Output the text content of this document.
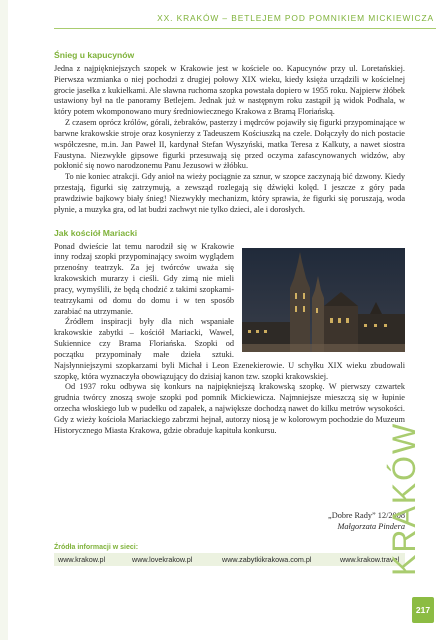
XX. KRAKÓW – BETLEJEM POD POMNIKIEM MICKIEWICZA
Śnieg u kapucynów

Jedna z najpiękniejszych szopek w Krakowie jest w kościele oo. Kapucynów przy ul. Loretańskiej. Pierwsza wzmianka o niej pochodzi z drugiej połowy XIX wieku, kiedy księża urządzili w kościelnej grocie jasełka z kukiełkami. Ale sławna ruchoma szopka powstała dopiero w 1955 roku. Najpierw żłóbek ustawiony był na tle panoramy Betlejem. Jednak już w następnym roku zastąpił ją widok Podhala, w który potem wkomponowano mury średniowiecznego Krakowa z Bramą Floriańską.

Z czasem oprócz królów, górali, żebraków, pasterzy i mędrców pojawiły się figurki przypominające w barwne krakowskie stroje oraz kosynierzy z Tadeuszem Kościuszką na czele. Dołączyły do nich postacie współczesne, m.in. Jan Paweł II, kardynał Stefan Wyszyński, matka Teresa z Kalkuty, a nawet siostra Faustyna. Niezwykłe gipsowe figurki przesuwają się przed oczyma zafascynowanych widzów, aby pokłonić się nowo narodzonemu Panu Jezusowi w żłóbku.

To nie koniec atrakcji. Gdy anioł na wieży pociągnie za sznur, w szopce zaczynają bić dzwony. Kiedy przestają, figurki się zatrzymują, a zewsząd rozlegają się dźwięki kolęd. I jeszcze z góry pada prawdziwie bajkowy biały śnieg! Niezwykły mechanizm, który sprawia, że figurki się poruszają, woda płynie, a muzyka gra, od lat budzi zachwyt nie tylko dzieci, ale i dorosłych.

Jak kościół Mariacki

Ponad dwieście lat temu narodził się w Krakowie inny rodzaj szopki przypominający swoim wyglądem przenośny teatrzyk. Za jej twórców uważa się krakowskich murarzy i cieśli. Gdy zimą nie mieli pracy, wymyślili, że będą chodzić z takimi szopkami-teatrzykami od domu do domu i w ten sposób zarabiać na utrzymanie.

Źródłem inspiracji były dla nich wspaniałe krakowskie zabytki – kościół Mariacki, Wawel, Sukiennice czy Brama Floriańska. Szopki od początku przypominały małe dzieła sztuki. Najsłynniejszymi szopkarzami byli Michał i Leon Ezenekierowie. U schyłku XIX wieku zbudowali szopkę, która wyznaczyła obowiązujący do dzisiaj kanon tzw. szopki krakowskiej.

Od 1937 roku odbywa się konkurs na najpiękniejszą krakowską szopkę. W pierwszy czwartek grudnia twórcy znoszą swoje szopki pod pomnik Mickiewicza. Najmniejsze mieszczą się w łupinie orzecha włoskiego lub w pudełku od zapałek, a największe dochodzą nawet do kilku metrów wysokości. Gdy z wieży kościoła Mariackiego zabrzmi hejnał, autorzy niosą je w kolorowym pochodzie do Muzeum Historycznego Miasta Krakowa, gdzie obraduje kapituła konkursu.

„Dobre Rady” 12/2008
Małgorzata Pindera
Źródła informacji w sieci:
www.krakow.pl	www.lovekrakow.pl	www.zabytkikrakowa.com.pl	www.krakow.travel
KRAKÓW
217
